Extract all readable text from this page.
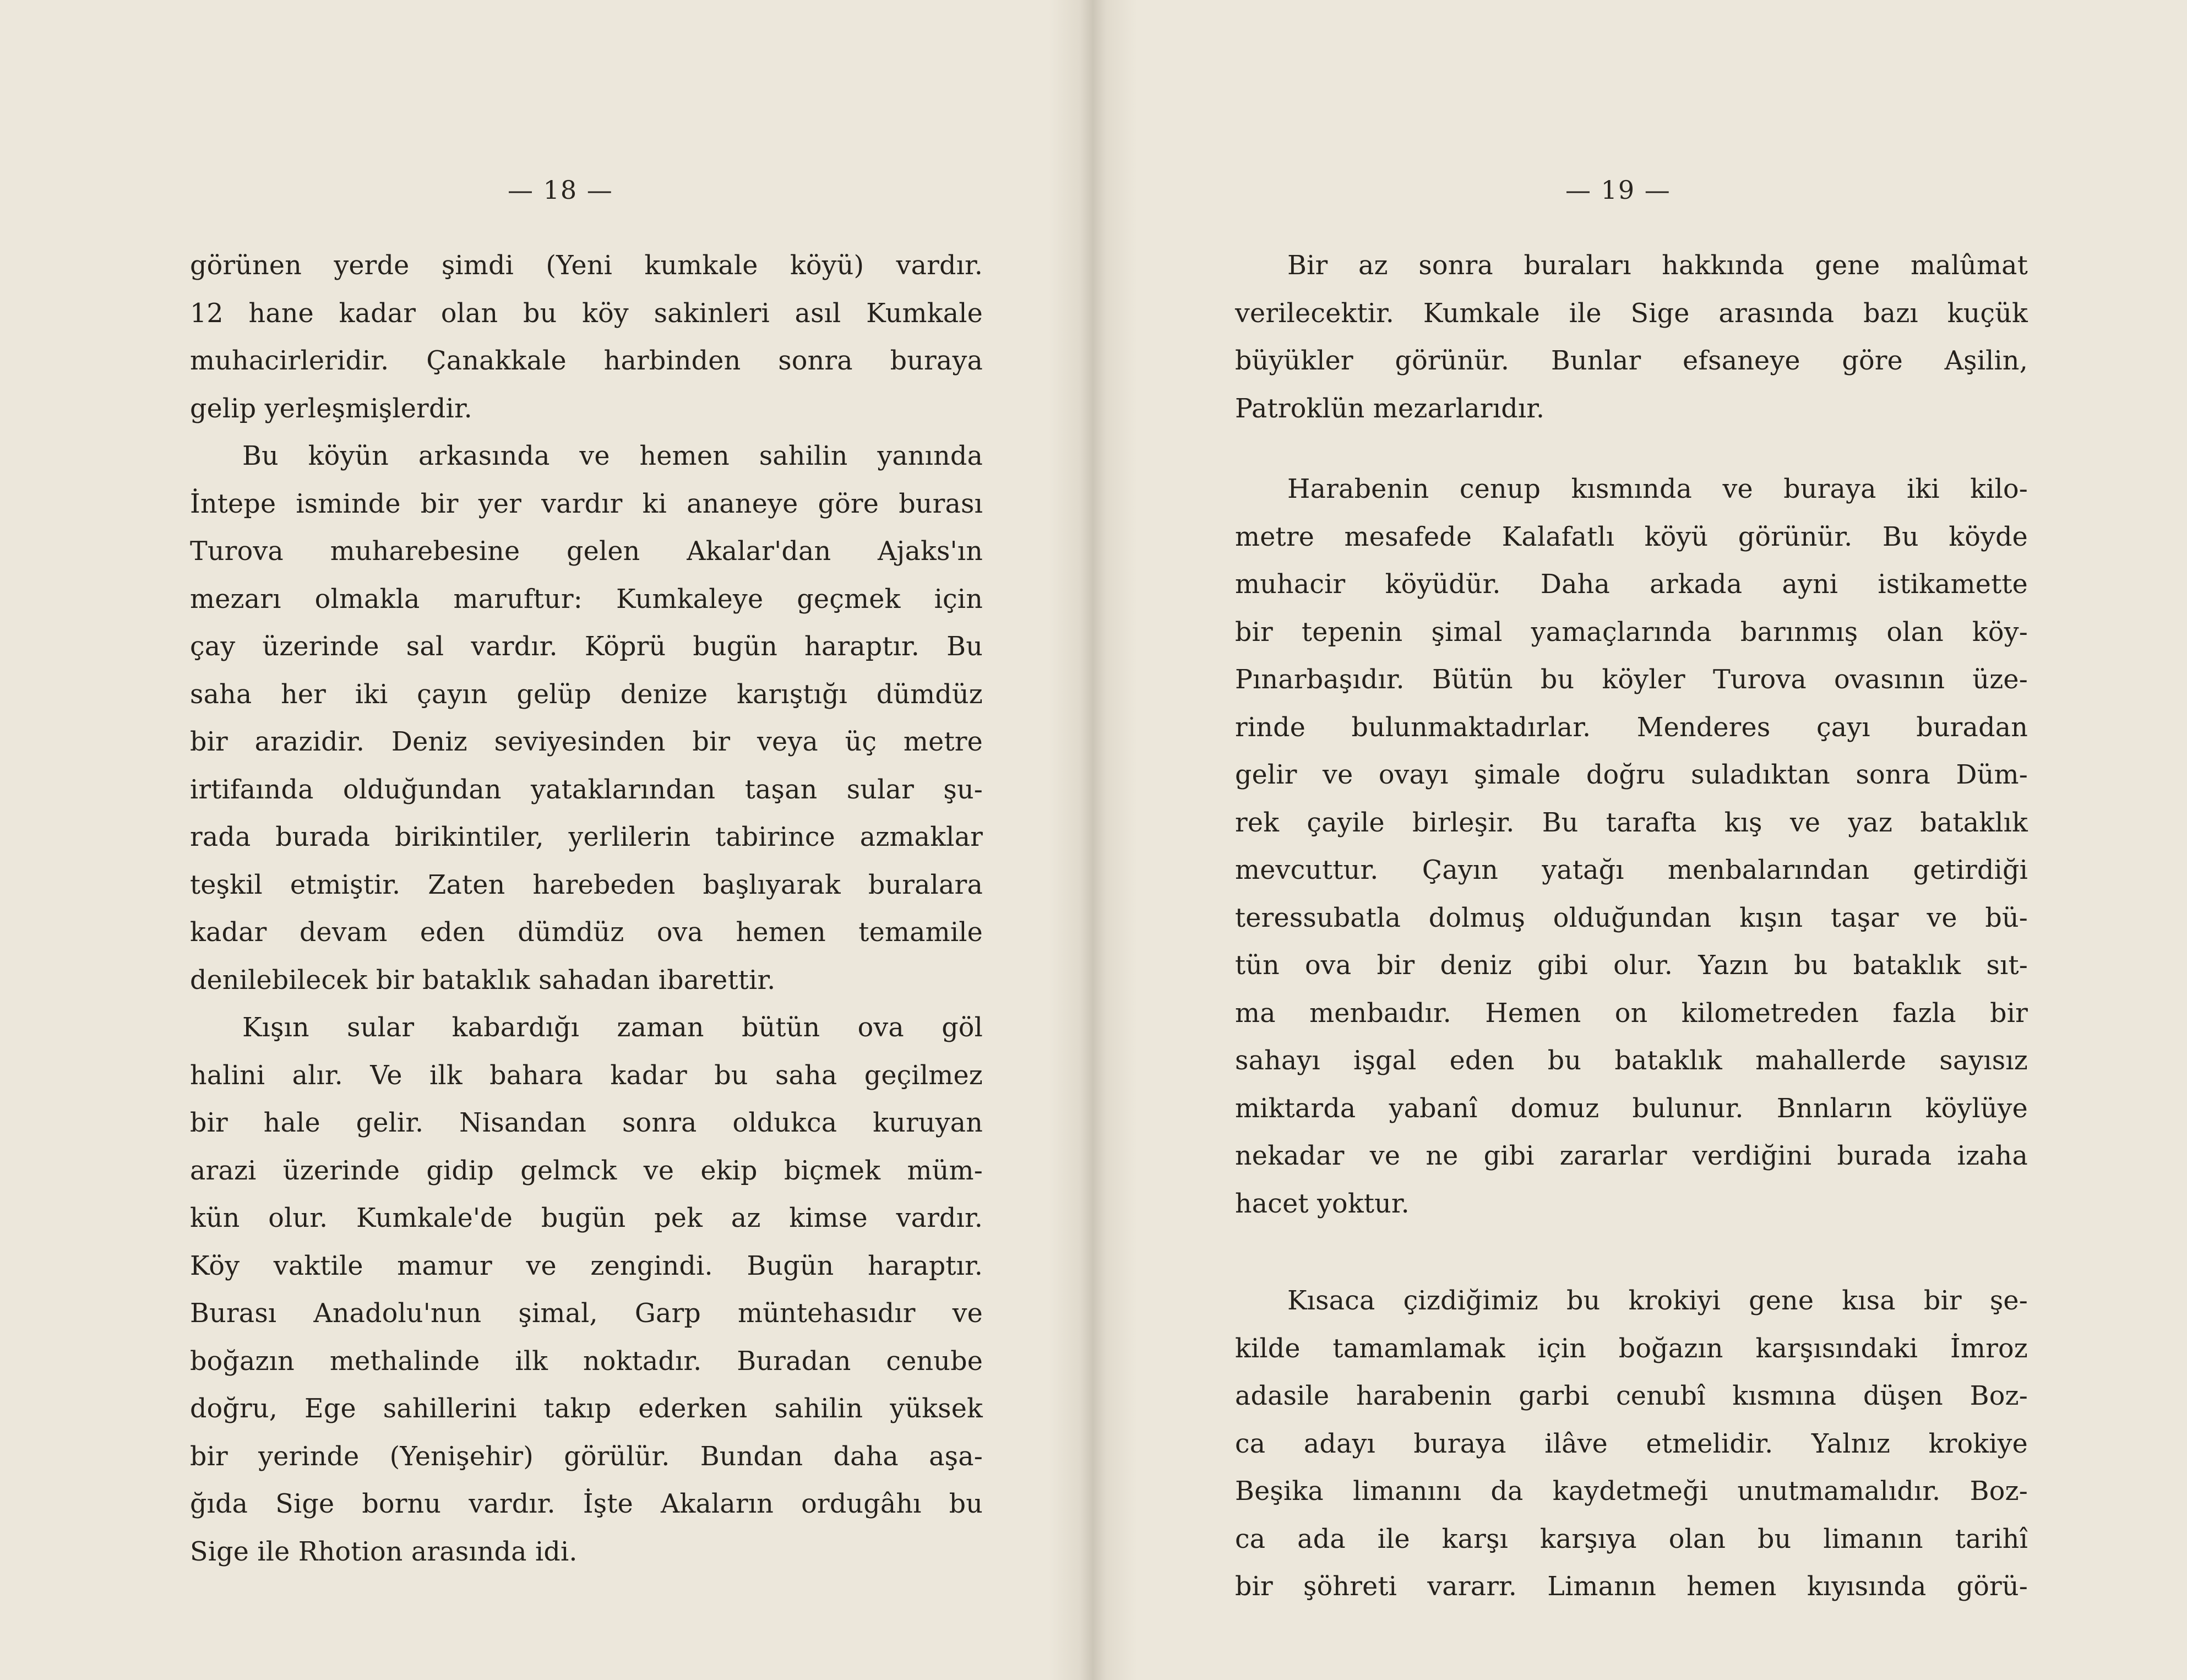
— 18 —
görünen yerde şimdi (Yeni kumkale köyü) vardır.
12 hane kadar olan bu köy sakinleri asıl Kumkale
muhacirleridir. Çanakkale harbinden sonra buraya
gelip yerleşmişlerdir.
Bu köyün arkasında ve hemen sahilin yanında
İntepe isminde bir yer vardır ki ananeye göre burası
Turova muharebesine gelen Akalar'dan Ajaks'ın
mezarı olmakla maruftur: Kumkaleye geçmek için
çay üzerinde sal vardır. Köprü bugün haraptır. Bu
saha her iki çayın gelüp denize karıştığı dümdüz
bir arazidir. Deniz seviyesinden bir veya üç metre
irtifaında olduğundan yataklarından taşan sular şu-
rada burada birikintiler, yerlilerin tabirince azmaklar
teşkil etmiştir. Zaten harebeden başlıyarak buralara
kadar devam eden dümdüz ova hemen temamile
denilebilecek bir bataklık sahadan ibarettir.
Kışın sular kabardığı zaman bütün ova göl
halini alır. Ve ilk bahara kadar bu saha geçilmez
bir hale gelir. Nisandan sonra oldukca kuruyan
arazi üzerinde gidip gelmck ve ekip biçmek müm-
kün olur. Kumkale'de bugün pek az kimse vardır.
Köy vaktile mamur ve zengindi. Bugün haraptır.
Burası Anadolu'nun şimal, Garp müntehasıdır ve
boğazın methalinde ilk noktadır. Buradan cenube
doğru, Ege sahillerini takıp ederken sahilin yüksek
bir yerinde (Yenişehir) görülür. Bundan daha aşa-
ğıda Sige bornu vardır. İşte Akaların ordugâhı bu
Sige ile Rhotion arasında idi.
— 19 —
Bir az sonra buraları hakkında gene malûmat
verilecektir. Kumkale ile Sige arasında bazı kuçük
büyükler görünür. Bunlar efsaneye göre Aşilin,
Patroklün mezarlarıdır.
Harabenin cenup kısmında ve buraya iki kilo-
metre mesafede Kalafatlı köyü görünür. Bu köyde
muhacir köyüdür. Daha arkada ayni istikamette
bir tepenin şimal yamaçlarında barınmış olan köy-
Pınarbaşıdır. Bütün bu köyler Turova ovasının üze-
rinde bulunmaktadırlar. Menderes çayı buradan
gelir ve ovayı şimale doğru suladıktan sonra Düm-
rek çayile birleşir. Bu tarafta kış ve yaz bataklık
mevcuttur. Çayın yatağı menbalarından getirdiği
teressubatla dolmuş olduğundan kışın taşar ve bü-
tün ova bir deniz gibi olur. Yazın bu bataklık sıt-
ma menbaıdır. Hemen on kilometreden fazla bir
sahayı işgal eden bu bataklık mahallerde sayısız
miktarda yabanî domuz bulunur. Bnnların köylüye
nekadar ve ne gibi zararlar verdiğini burada izaha
hacet yoktur.
Kısaca çizdiğimiz bu krokiyi gene kısa bir şe-
kilde tamamlamak için boğazın karşısındaki İmroz
adasile harabenin garbi cenubî kısmına düşen Boz-
ca adayı buraya ilâve etmelidir. Yalnız krokiye
Beşika limanını da kaydetmeği unutmamalıdır. Boz-
ca ada ile karşı karşıya olan bu limanın tarihî
bir şöhreti vararr. Limanın hemen kıyısında görü-
